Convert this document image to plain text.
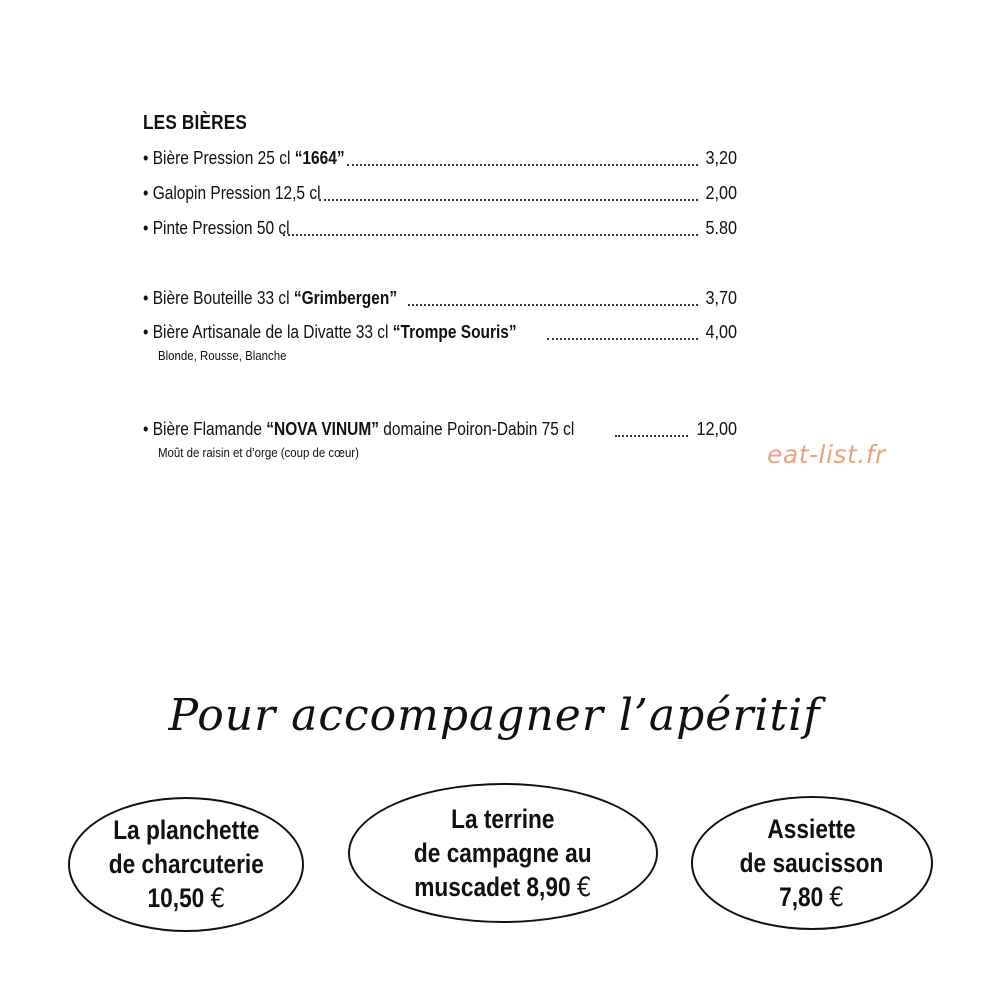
LES BIÈRES
• Bière Pression 25 cl “1664”	3,20
• Galopin Pression 12,5 cl	2,00
• Pinte Pression 50 cl	5.80
• Bière Bouteille 33 cl “Grimbergen”	3,70
• Bière Artisanale de la Divatte 33 cl “Trompe Souris”	4,00
Blonde, Rousse, Blanche
• Bière Flamande “NOVA VINUM” domaine Poiron-Dabin 75 cl	12,00
Moût de raisin et d’orge (coup de cœur)	eat-list.fr
Pour accompagner l’apéritif
La planchette
de charcuterie
10,50 €
La terrine
de campagne au
muscadet 8,90 €
Assiette
de saucisson
7,80 €
